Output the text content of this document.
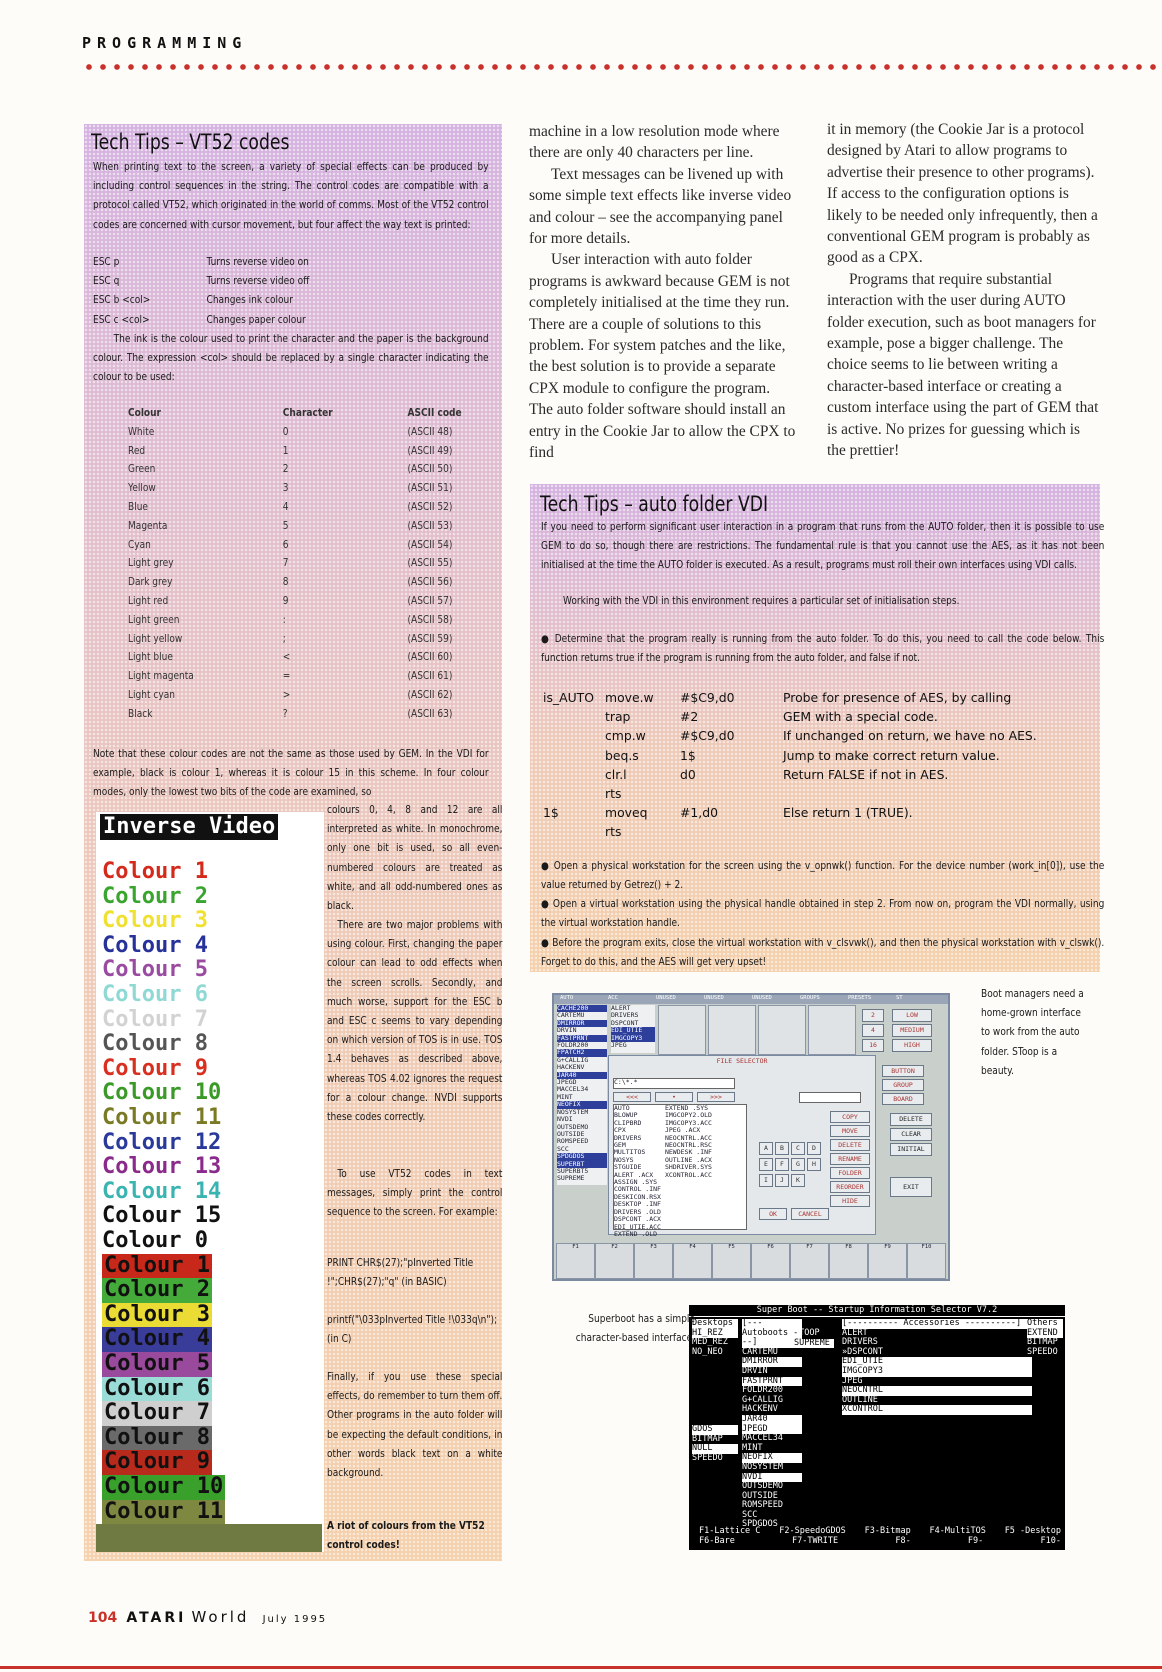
PROGRAMMING
Tech Tips – VT52 codes
When printing text to the screen, a variety of special effects can be produced by including control sequences in the string. The control codes are compatible with a protocol called VT52, which originated in the world of comms. Most of the VT52 control codes are concerned with cursor movement, but four affect the way text is printed:
ESC p	Turns reverse video on
ESC q	Turns reverse video off
ESC b <col>	Changes ink colour
ESC c <col>	Changes paper colour
The ink is the colour used to print the character and the paper is the background colour. The expression <col> should be replaced by a single character indicating the colour to be used:
Colour	Character	ASCII code
White	0	(ASCII 48)
Red	1	(ASCII 49)
Green	2	(ASCII 50)
Yellow	3	(ASCII 51)
Blue	4	(ASCII 52)
Magenta	5	(ASCII 53)
Cyan	6	(ASCII 54)
Light grey	7	(ASCII 55)
Dark grey	8	(ASCII 56)
Light red	9	(ASCII 57)
Light green	:	(ASCII 58)
Light yellow	;	(ASCII 59)
Light blue	<	(ASCII 60)
Light magenta	=	(ASCII 61)
Light cyan	>	(ASCII 62)
Black	?	(ASCII 63)
Note that these colour codes are not the same as those used by GEM. In the VDI for example, black is colour 1, whereas it is colour 15 in this scheme. In four colour modes, only the lowest two bits of the code are examined, so
Inverse Video
Colour 1
Colour 2
Colour 3
Colour 4
Colour 5
Colour 6
Colour 7
Colour 8
Colour 9
Colour 10
Colour 11
Colour 12
Colour 13
Colour 14
Colour 15
Colour 0
Colour 1
Colour 2
Colour 3
Colour 4
Colour 5
Colour 6
Colour 7
Colour 8
Colour 9
Colour 10
Colour 11
colours 0, 4, 8 and 12 are all interpreted as white. In monochrome, only one bit is used, so all even-numbered colours are treated as white, and all odd-numbered ones as black.
There are two major problems with using colour. First, changing the paper colour can lead to odd effects when the screen scrolls. Secondly, and much worse, support for the ESC b and ESC c seems to vary depending on which version of TOS is in use. TOS 1.4 behaves as described above, whereas TOS 4.02 ignores the request for a colour change. NVDI supports these codes correctly.
To use VT52 codes in text messages, simply print the control sequence to the screen. For example:
PRINT CHR$(27);"pInverted Title !";CHR$(27);"q" (in BASIC)
printf("\033pInverted Title !\033q\n"); (in C)
Finally, if you use these special effects, do remember to turn them off. Other programs in the auto folder will be expecting the default conditions, in other words black text on a white background.
A riot of colours from the VT52 control codes!

machine in a low resolution mode where there are only 40 characters per line.

Text messages can be livened up with some simple text effects like inverse video and colour – see the accompanying panel for more details.

User interaction with auto folder programs is awkward because GEM is not completely initialised at the time they run. There are a couple of solutions to this problem. For system patches and the like, the best solution is to provide a separate CPX module to configure the program. The auto folder software should install an entry in the Cookie Jar to allow the CPX to find

it in memory (the Cookie Jar is a protocol designed by Atari to allow programs to advertise their presence to other programs). If access to the configuration options is likely to be needed only infrequently, then a conventional GEM program is probably as good as a CPX.

Programs that require substantial interaction with the user during AUTO folder execution, such as boot managers for example, pose a bigger challenge. The choice seems to lie between writing a character-based interface or creating a custom interface using the part of GEM that is active. No prizes for guessing which is the prettier!

Tech Tips – auto folder VDI
If you need to perform significant user interaction in a program that runs from the AUTO folder, then it is possible to use GEM to do so, though there are restrictions. The fundamental rule is that you cannot use the AES, as it has not been initialised at the time the AUTO folder is executed. As a result, programs must roll their own interfaces using VDI calls.
Working with the VDI in this environment requires a particular set of initialisation steps.
● Determine that the program really is running from the auto folder. To do this, you need to call the code below. This function returns true if the program is running from the auto folder, and false if not.
is_AUTO move.w	#$C9,d0	Probe for presence of AES, by calling
trap	#2	GEM with a special code.
cmp.w	#$C9,d0	If unchanged on return, we have no AES.
beq.s	1$	Jump to make correct return value.
clr.l	d0	Return FALSE if not in AES.
rts
1$	moveq	#1,d0	Else return 1 (TRUE).
rts
● Open a physical workstation for the screen using the v_opnwk() function. For the device number (work_in[0]), use the value returned by Getrez() + 2.
● Open a virtual workstation using the physical handle obtained in step 2. From now on, program the VDI normally, using the virtual workstation handle.
● Before the program exits, close the virtual workstation with v_clsvwk(), and then the physical workstation with v_clswk(). Forget to do this, and the AES will get very upset!
AUTO	ACC	UNUSED	UNUSED	UNUSED	GROUPS	PRESETS	ST
CACHE200
CARTEMU
DMIRROR
DRVIN
FASTPRNT
FOLDR200
FPATCH2
G+CALLIG
HACKENV
JAR40
JPEGD
MACCEL34
MINT
NEOFIX
NOSYSTEM
NVDI
OUTSDEMO
OUTSIDE
ROMSPEED
SCC
SPDGDOS
SUPERBT
SUPERBT5
SUPREME
ALERT
DRIVERS
DSPCONT
EDI_UTIE
IMGCOPY3
JPEG
2
4
16
LOW
MEDIUM
HIGH
FILE SELECTOR
C:\*.*
<<<	•	>>>
AUTO
BLOWUP
CLIPBRD
CPX
DRIVERS
GEM
MULTITOS
NOSYS
STGUIDE
ALERT .ACX
ASSIGN .SYS
CONTROL .INF
DESKICON.RSX
DESKTOP .INF
DRIVERS .OLD
DSPCONT .ACX
EDI_UTIE.ACC
EXTEND .OLD
EXTEND .SYS
IMGCOPY2.OLD
IMGCOPY3.ACC
JPEG .ACX
NEOCNTRL.ACC
NEOCNTRL.RSC
NEWDESK .INF
OUTLINE .ACX
SHDRIVER.SYS
XCONTROL.ACC
A	B	C	D
E	F	G	H
I	J	K
OK	CANCEL
COPY
MOVE
DELETE
RENAME
FOLDER
REORDER
HIDE
BUTTON
GROUP
BOARD
DELETE
CLEAR
INITIAL
EXIT
F1	F2	F3	F4	F5	F6	F7	F8	F9	F10
Boot managers need a home-grown interface to work from the auto folder. SToop is a beauty.
Super Boot -- Startup Information Selector V7.2
Desktops
HI_REZ
MED_REZ
NO_NEO
GDOS
BITMAP
NULL
SPEEDO
[--- Autoboots ---]
CARTEMU
DMIRROR
DRVIN
FASTPRNT
FOLDR200
G+CALLIG
HACKENV
JAR40
JPEGD
MACCEL34
MINT
NEOFIX
NOSYSTEM
NVDI
OUTSDEMO
OUTSIDE
ROMSPEED
SCC
SPDGDOS
STOOP
SUPREME
[---------- Accessories ----------]
ALERT
DRIVERS
»DSPCONT
EDI_UTIE
IMGCOPY3
JPEG
NEOCNTRL
OUTLINE
XCONTROL
Others
EXTEND
BITMAP
SPEEDO
F1-Lattice C F2-SpeedoGDOS F3-Bitmap F4-MultiTOS F5 -Desktop
F6-Bare	F7-TWRITE	F8-	F9-	F10-
Superboot has a simple character-based interface.
104 ATARI World July 1995
